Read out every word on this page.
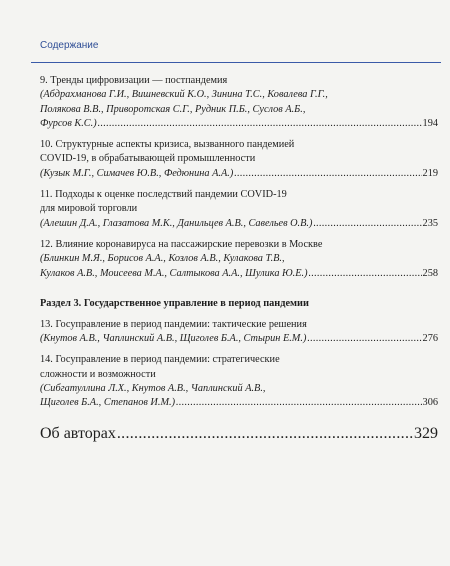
Содержание
9. Тренды цифровизации — постпандемия
(Абдрахманова Г.И., Вишневский К.О., Зинина Т.С., Ковалева Г.Г.,
Полякова В.В., Приворотская С.Г., Рудник П.Б., Суслов А.Б.,
Фурсов К.С.) .....	194
10. Структурные аспекты кризиса, вызванного пандемией
COVID-19, в обрабатывающей промышленности
(Кузык М.Г., Симачев Ю.В., Федюнина А.А.) .....	219
11. Подходы к оценке последствий пандемии COVID-19
для мировой торговли
(Алешин Д.А., Глазатова М.К., Данильцев А.В., Савельев О.В.) .....	235
12. Влияние коронавируса на пассажирские перевозки в Москве
(Блинкин М.Я., Борисов А.А., Козлов А.В., Кулакова Т.В.,
Кулаков А.В., Моисеева М.А., Салтыкова А.А., Шулика Ю.Е.) .....	258
Раздел 3. Государственное управление в период пандемии
13. Госуправление в период пандемии: тактические решения
(Кнутов А.В., Чаплинский А.В., Щиголев Б.А., Стырин Е.М.) .....	276
14. Госуправление в период пандемии: стратегические
сложности и возможности
(Сибгатуллина Л.Х., Кнутов А.В., Чаплинский А.В.,
Щиголев Б.А., Степанов И.М.) .....	306
Об авторах .....	329
